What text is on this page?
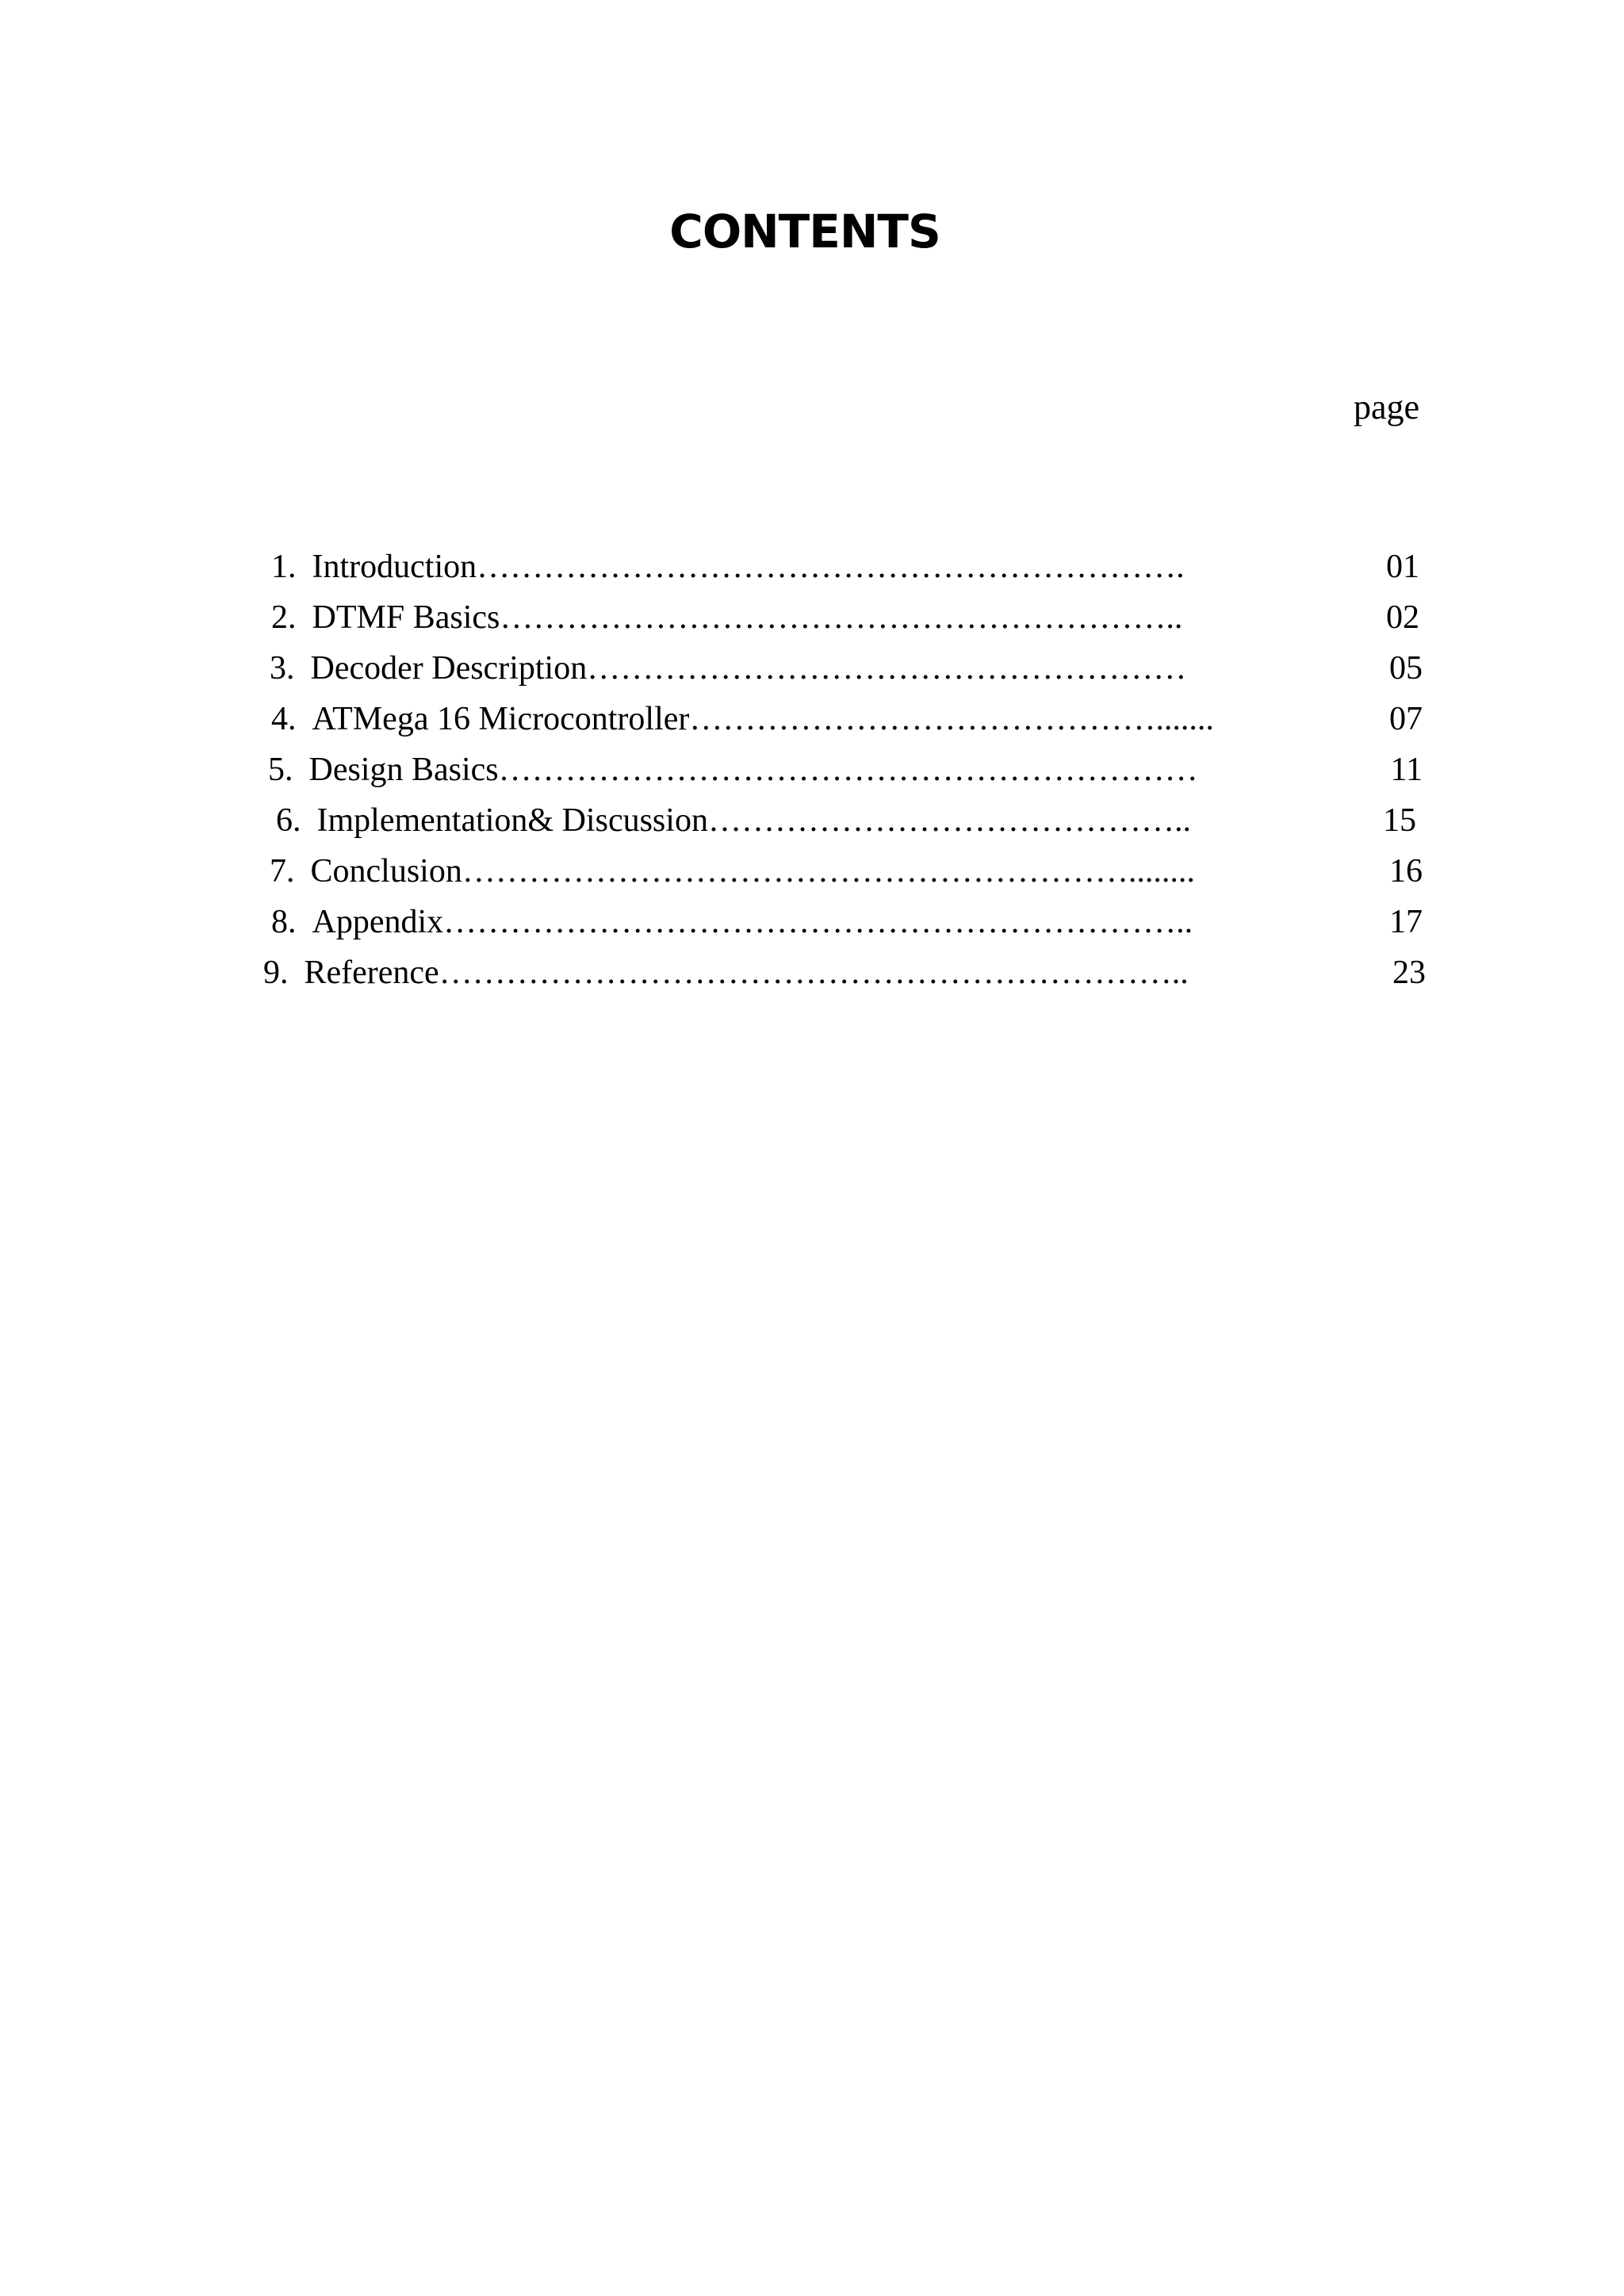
CONTENTS
page
1. Introduction ……………………………………………………….	01
2. DTMF Basics ……………………………………………………..	02
3. Decoder Description ………………………………………………	05
4. ATMega 16 Microcontroller …………………………………….......	07
5. Design Basics ………………………………………………………	11
6. Implementation& Discussion ……………………………………..	15
7. Conclusion ……………………………………………………........	16
8. Appendix …………………………………………………………..	17
9. Reference …………………………………………………………..	23
